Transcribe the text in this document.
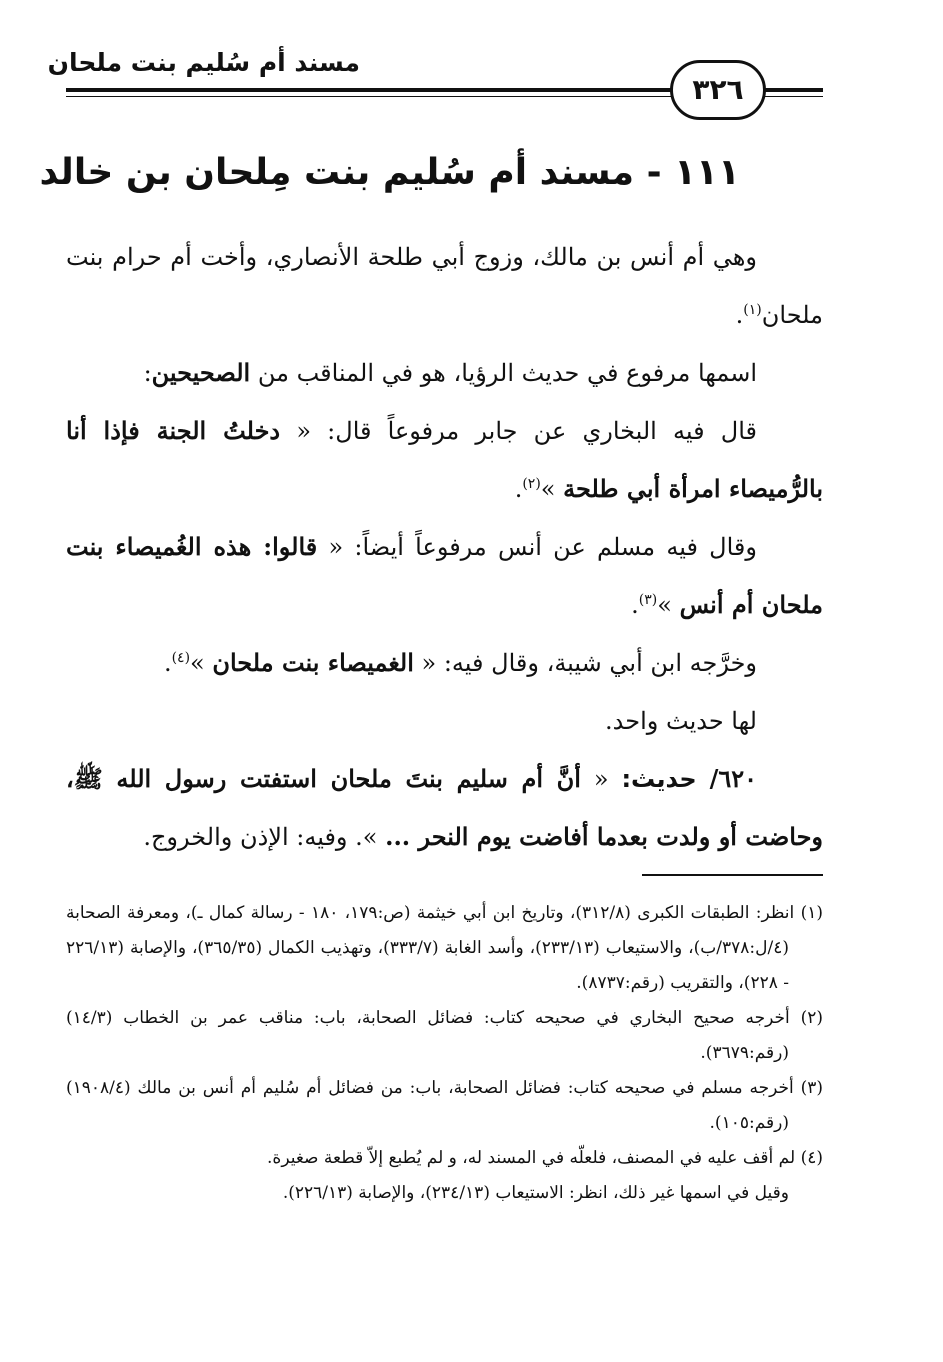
مسند أم سُليم بنت ملحان
٣٢٦
١١١ - مسند أم سُليم بنت مِلحان بن خالد

وهي أم أنس بن مالك، وزوج أبي طلحة الأنصاري، وأخت أم حرام بنت ملحان$^{(١)}$.

اسمها مرفوع في حديث الرؤيا، هو في المناقب من الصحيحين:

قال فيه البخاري عن جابر مرفوعاً قال: « دخلتُ الجنة فإذا أنا بالرُّميصاء امرأة أبي طلحة »$^{(٢)}$.

وقال فيه مسلم عن أنس مرفوعاً أيضاً: « قالوا: هذه الغُميصاء بنت ملحان أم أنس »$^{(٣)}$.

وخرَّجه ابن أبي شيبة، وقال فيه: « الغميصاء بنت ملحان »$^{(٤)}$.

لها حديث واحد.

٦٢٠/ حديث: « أنَّ أم سليم بنتَ ملحان استفتت رسول الله ﷺ، وحاضت أو ولدت بعدما أفاضت يوم النحر ... ». وفيه: الإذن والخروج.

(١) انظر: الطبقات الكبرى (٣١٢/٨)، وتاريخ ابن أبي خيثمة (ص:١٧٩، ١٨٠ - رسالة كمال ـ)، ومعرفة الصحابة (٤/ل:٣٧٨/ب)، والاستيعاب (٢٣٣/١٣)، وأسد الغابة (٣٣٣/٧)، وتهذيب الكمال (٣٦٥/٣٥)، والإصابة (٢٢٦/١٣ - ٢٢٨)، والتقريب (رقم:٨٧٣٧).

(٢) أخرجه صحيح البخاري في صحيحه كتاب: فضائل الصحابة، باب: مناقب عمر بن الخطاب (١٤/٣) (رقم:٣٦٧٩).

(٣) أخرجه مسلم في صحيحه كتاب: فضائل الصحابة، باب: من فضائل أم سُليم أم أنس بن مالك (١٩٠٨/٤) (رقم:١٠٥).

(٤) لم أقف عليه في المصنف، فلعلّه في المسند له، و لم يُطبع إلاّ قطعة صغيرة.

وقيل في اسمها غير ذلك، انظر: الاستيعاب (٢٣٤/١٣)، والإصابة (٢٢٦/١٣).
